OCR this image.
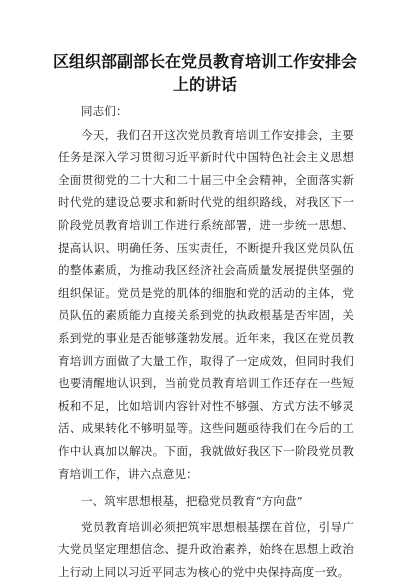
区组织部副部长在党员教育培训工作安排会上的讲话

同志们：

今天，我们召开这次党员教育培训工作安排会，主要任务是深入学习贯彻习近平新时代中国特色社会主义思想全面贯彻党的二十大和二十届三中全会精神，全面落实新时代党的建设总要求和新时代党的组织路线，对我区下一阶段党员教育培训工作进行系统部署，进一步统一思想、提高认识、明确任务、压实责任，不断提升我区党员队伍的整体素质，为推动我区经济社会高质量发展提供坚强的组织保证。党员是党的肌体的细胞和党的活动的主体，党员队伍的素质能力直接关系到党的执政根基是否牢固，关系到党的事业是否能够蓬勃发展。近年来，我区在党员教育培训方面做了大量工作，取得了一定成效，但同时我们也要清醒地认识到，当前党员教育培训工作还存在一些短板和不足，比如培训内容针对性不够强、方式方法不够灵活、成果转化不够明显等。这些问题亟待我们在今后的工作中认真加以解决。下面，我就做好我区下一阶段党员教育培训工作，讲六点意见：

一、筑牢思想根基，把稳党员教育“方向盘”

党员教育培训必须把筑牢思想根基摆在首位，引导广大党员坚定理想信念、提升政治素养，始终在思想上政治上行动上同以习近平同志为核心的党中央保持高度一致。
